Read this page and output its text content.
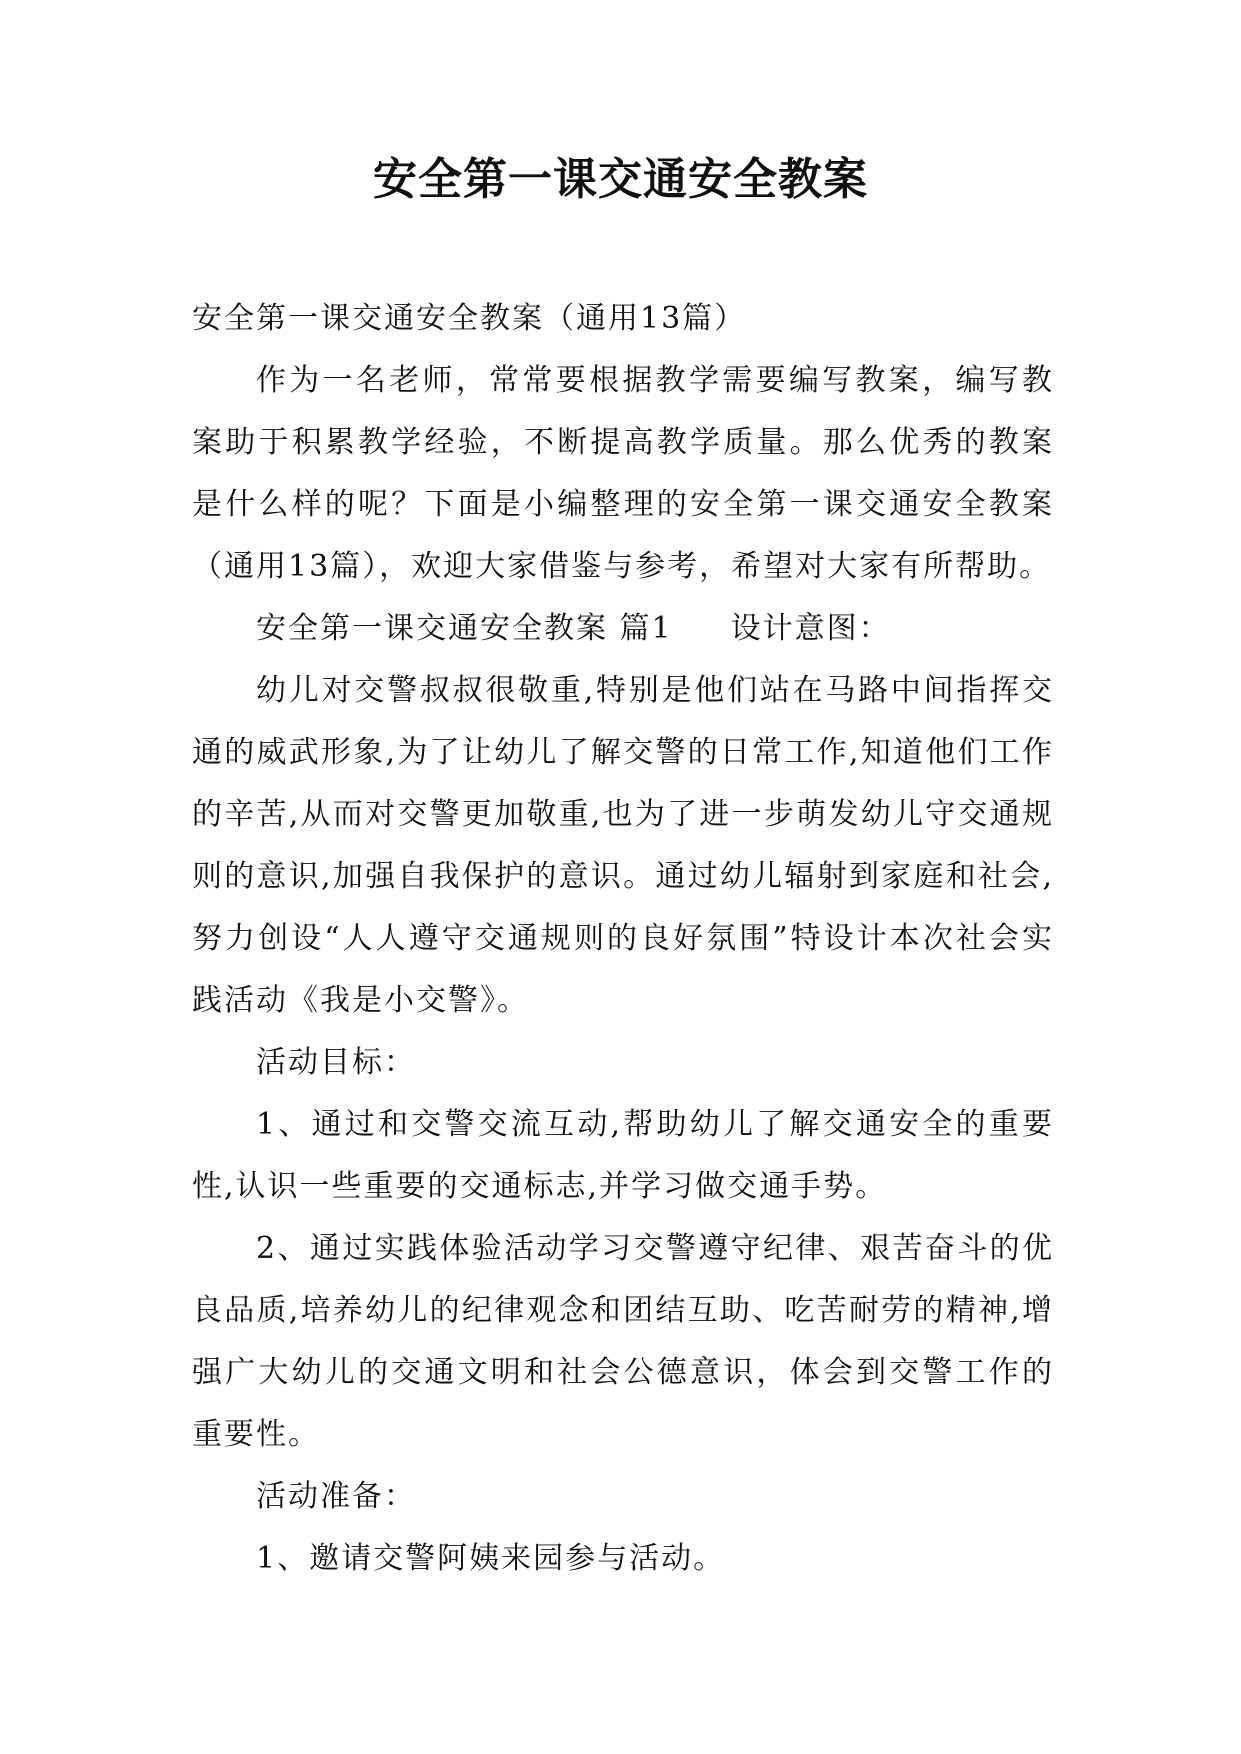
安全第一课交通安全教案

安全第一课交通安全教案（通用13篇）

作为一名老师，常常要根据教学需要编写教案，编写教案助于积累教学经验，不断提高教学质量。那么优秀的教案是什么样的呢？下面是小编整理的安全第一课交通安全教案（通用13篇），欢迎大家借鉴与参考，希望对大家有所帮助。

安全第一课交通安全教案 篇1 设计意图：

幼儿对交警叔叔很敬重,特别是他们站在马路中间指挥交通的威武形象,为了让幼儿了解交警的日常工作,知道他们工作的辛苦,从而对交警更加敬重,也为了进一步萌发幼儿守交通规则的意识,加强自我保护的意识。通过幼儿辐射到家庭和社会,努力创设“人人遵守交通规则的良好氛围”特设计本次社会实践活动《我是小交警》。

活动目标：

1、通过和交警交流互动,帮助幼儿了解交通安全的重要性,认识一些重要的交通标志,并学习做交通手势。

2、通过实践体验活动学习交警遵守纪律、艰苦奋斗的优良品质,培养幼儿的纪律观念和团结互助、吃苦耐劳的精神,增强广大幼儿的交通文明和社会公德意识，体会到交警工作的重要性。

活动准备：

1、邀请交警阿姨来园参与活动。
